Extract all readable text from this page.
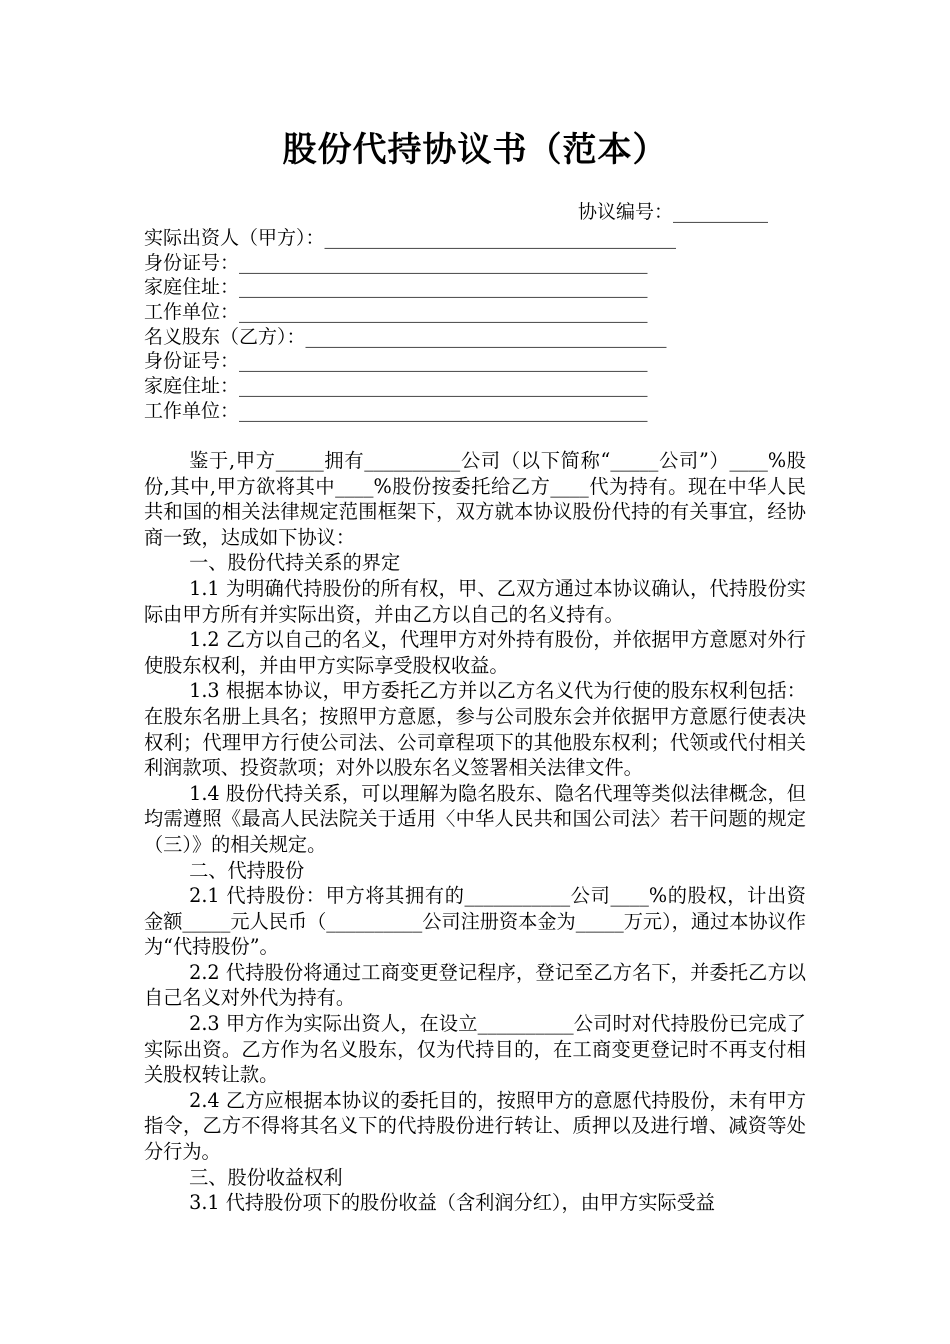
股份代持协议书（范本）
协议编号：__________
实际出资人（甲方）：_____________________________________
身份证号：___________________________________________
家庭住址：___________________________________________
工作单位：___________________________________________
名义股东（乙方）：______________________________________
身份证号：___________________________________________
家庭住址：___________________________________________
工作单位：___________________________________________

鉴于,甲方_____拥有__________公司（以下简称“_____公司”）____%股份,其中,甲方欲将其中____%股份按委托给乙方____代为持有。现在中华人民共和国的相关法律规定范围框架下，双方就本协议股份代持的有关事宜，经协商一致，达成如下协议：

一、股份代持关系的界定

1.1 为明确代持股份的所有权，甲、乙双方通过本协议确认，代持股份实际由甲方所有并实际出资，并由乙方以自己的名义持有。

1.2 乙方以自己的名义，代理甲方对外持有股份，并依据甲方意愿对外行使股东权利，并由甲方实际享受股权收益。

1.3 根据本协议，甲方委托乙方并以乙方名义代为行使的股东权利包括：在股东名册上具名；按照甲方意愿，参与公司股东会并依据甲方意愿行使表决权利；代理甲方行使公司法、公司章程项下的其他股东权利；代领或代付相关利润款项、投资款项；对外以股东名义签署相关法律文件。

1.4 股份代持关系，可以理解为隐名股东、隐名代理等类似法律概念，但均需遵照《最高人民法院关于适用〈中华人民共和国公司法〉若干问题的规定（三）》的相关规定。

二、代持股份

2.1 代持股份：甲方将其拥有的___________公司____%的股权，计出资金额_____元人民币（__________公司注册资本金为_____万元），通过本协议作为“代持股份”。

2.2 代持股份将通过工商变更登记程序，登记至乙方名下，并委托乙方以自己名义对外代为持有。

2.3 甲方作为实际出资人，在设立__________公司时对代持股份已完成了实际出资。乙方作为名义股东，仅为代持目的，在工商变更登记时不再支付相关股权转让款。

2.4 乙方应根据本协议的委托目的，按照甲方的意愿代持股份，未有甲方指令，乙方不得将其名义下的代持股份进行转让、质押以及进行增、减资等处分行为。

三、股份收益权利

3.1 代持股份项下的股份收益（含利润分红），由甲方实际受益
